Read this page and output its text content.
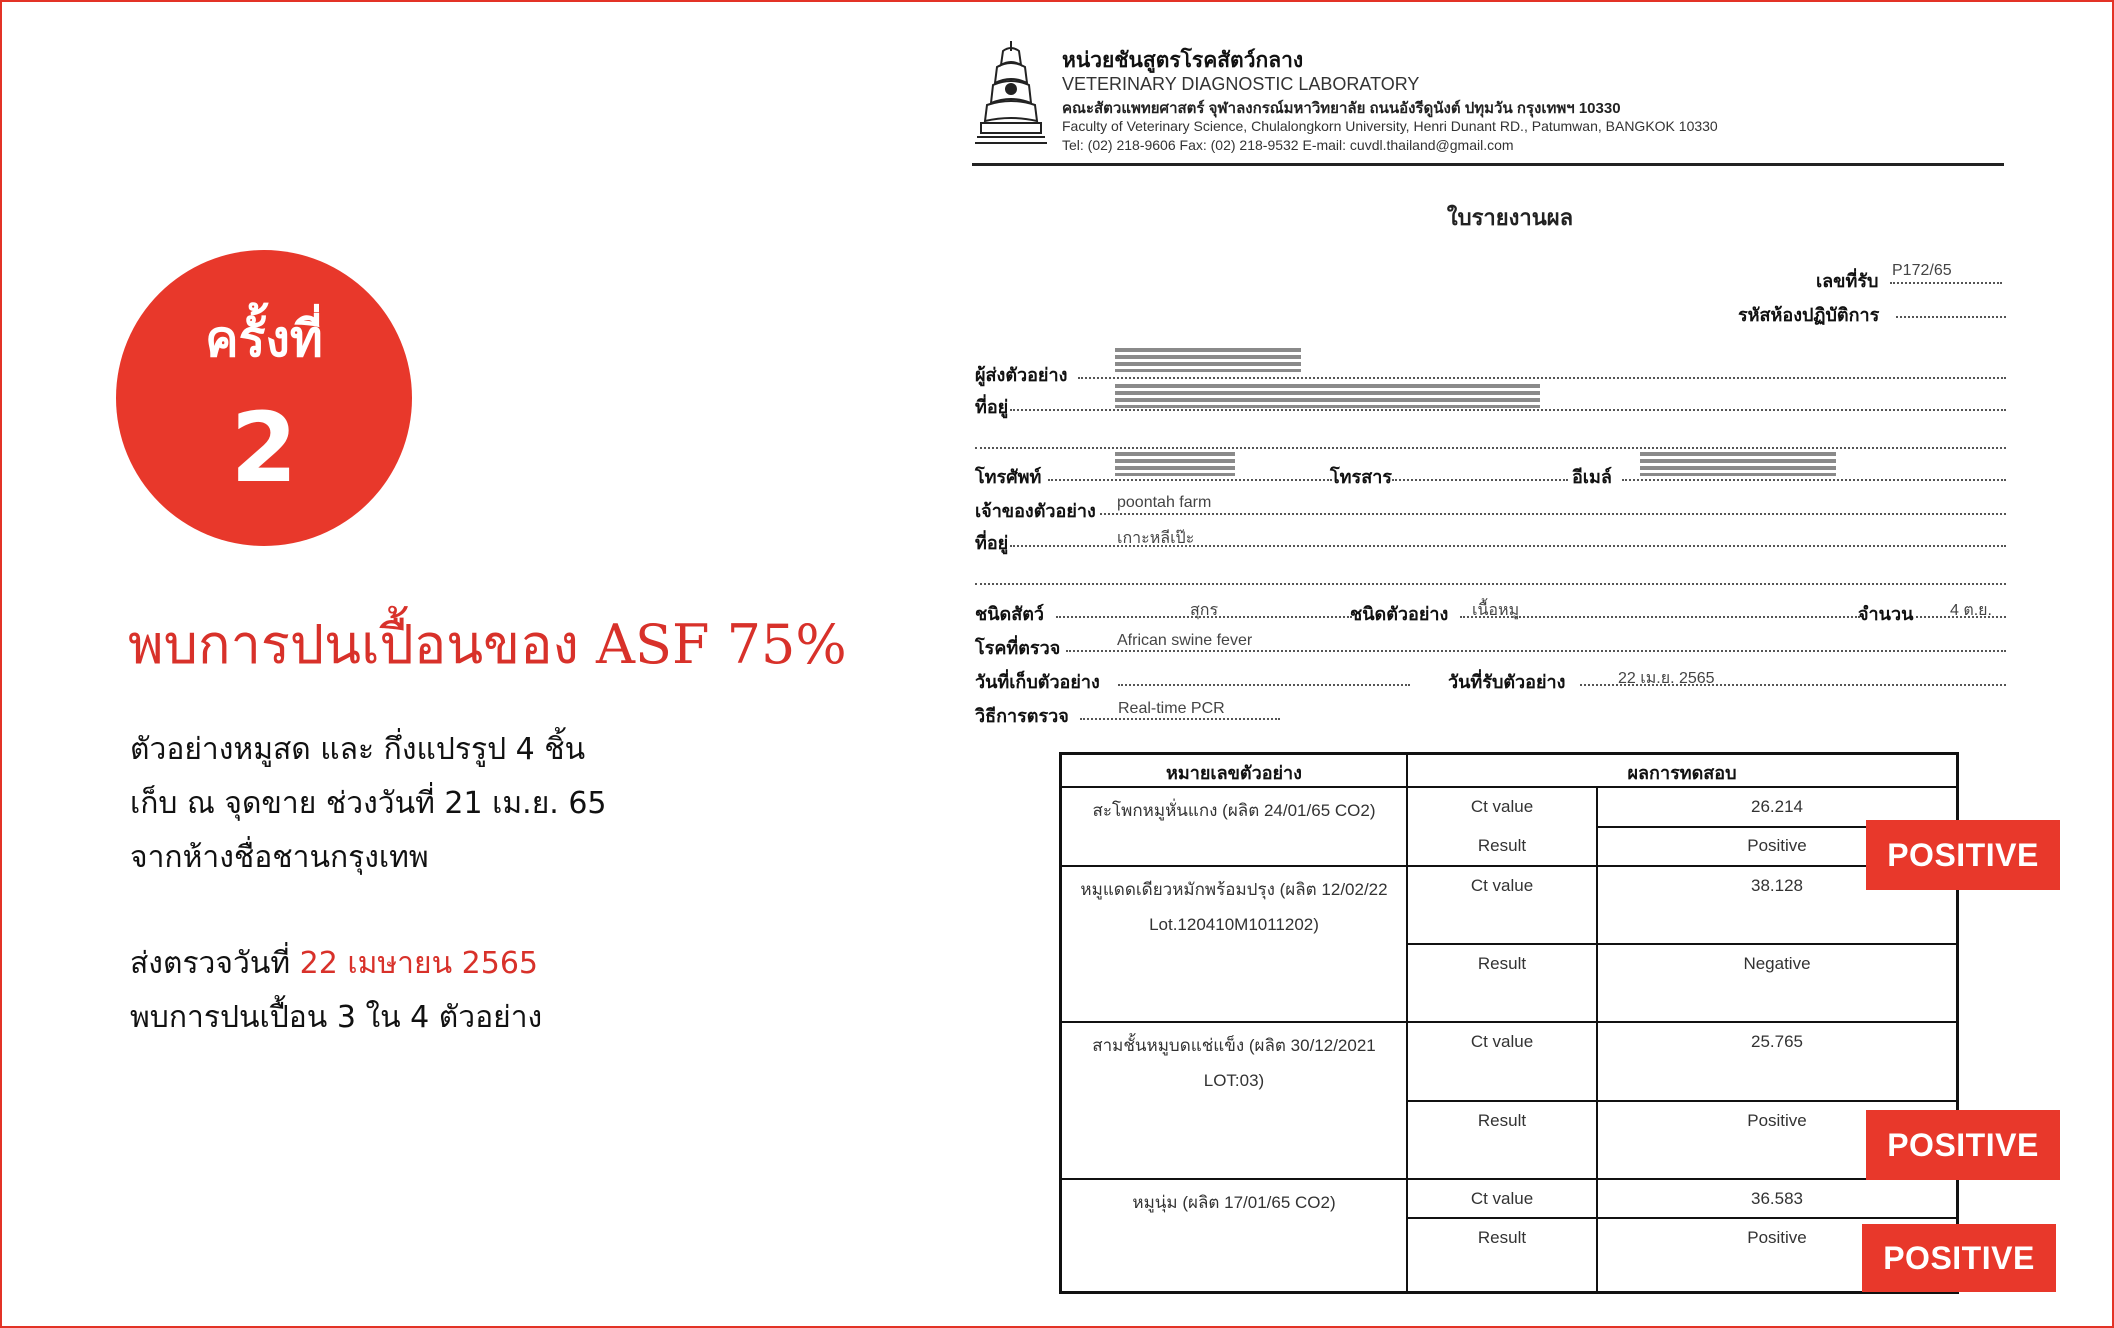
ครั้งที่
2
พบการปนเปื้อนของ ASF 75%
ตัวอย่างหมูสด และ กึ่งแปรรูป 4 ชิ้น
เก็บ ณ จุดขาย ช่วงวันที่ 21 เม.ย. 65
จากห้างชื่อชานกรุงเทพ
ส่งตรวจวันที่ 22 เมษายน 2565
พบการปนเปื้อน 3 ใน 4 ตัวอย่าง
หน่วยชันสูตรโรคสัตว์กลาง
VETERINARY DIAGNOSTIC LABORATORY
คณะสัตวแพทยศาสตร์ จุฬาลงกรณ์มหาวิทยาลัย ถนนอังรีดูนังต์ ปทุมวัน กรุงเทพฯ 10330
Faculty of Veterinary Science, Chulalongkorn University, Henri Dunant RD., Patumwan, BANGKOK 10330
Tel: (02) 218-9606 Fax: (02) 218-9532 E-mail: cuvdl.thailand@gmail.com
ใบรายงานผล
เลขที่รับ
P172/65
รหัสห้องปฏิบัติการ
ผู้ส่งตัวอย่าง
ที่อยู่
โทรศัพท์	โทรสาร	อีเมล์
เจ้าของตัวอย่าง poontah farm
ที่อยู่	เกาะหลีเป๊ะ
ชนิดสัตว์	สุกร	ชนิดตัวอย่าง เนื้อหมู	จำนวน 4 ต.ย.
โรคที่ตรวจ	African swine fever
วันที่เก็บตัวอย่าง	วันที่รับตัวอย่าง	22 เม.ย. 2565
วิธีการตรวจ	Real-time PCR
หมายเลขตัวอย่าง	ผลการทดสอบ
สะโพกหมูหั่นแกง (ผลิต 24/01/65 CO2)	Ct value	26.214
Result	Positive
หมูแดดเดียวหมักพร้อมปรุง (ผลิต 12/02/22
Lot.120410M1011202)
Ct value	38.128
Result	Negative
สามชั้นหมูบดแช่แข็ง (ผลิต 30/12/2021
LOT:03)
Ct value	25.765
Result	Positive
หมูนุ่ม (ผลิต 17/01/65 CO2)	Ct value	36.583
Result	Positive
POSITIVE
POSITIVE
POSITIVE
